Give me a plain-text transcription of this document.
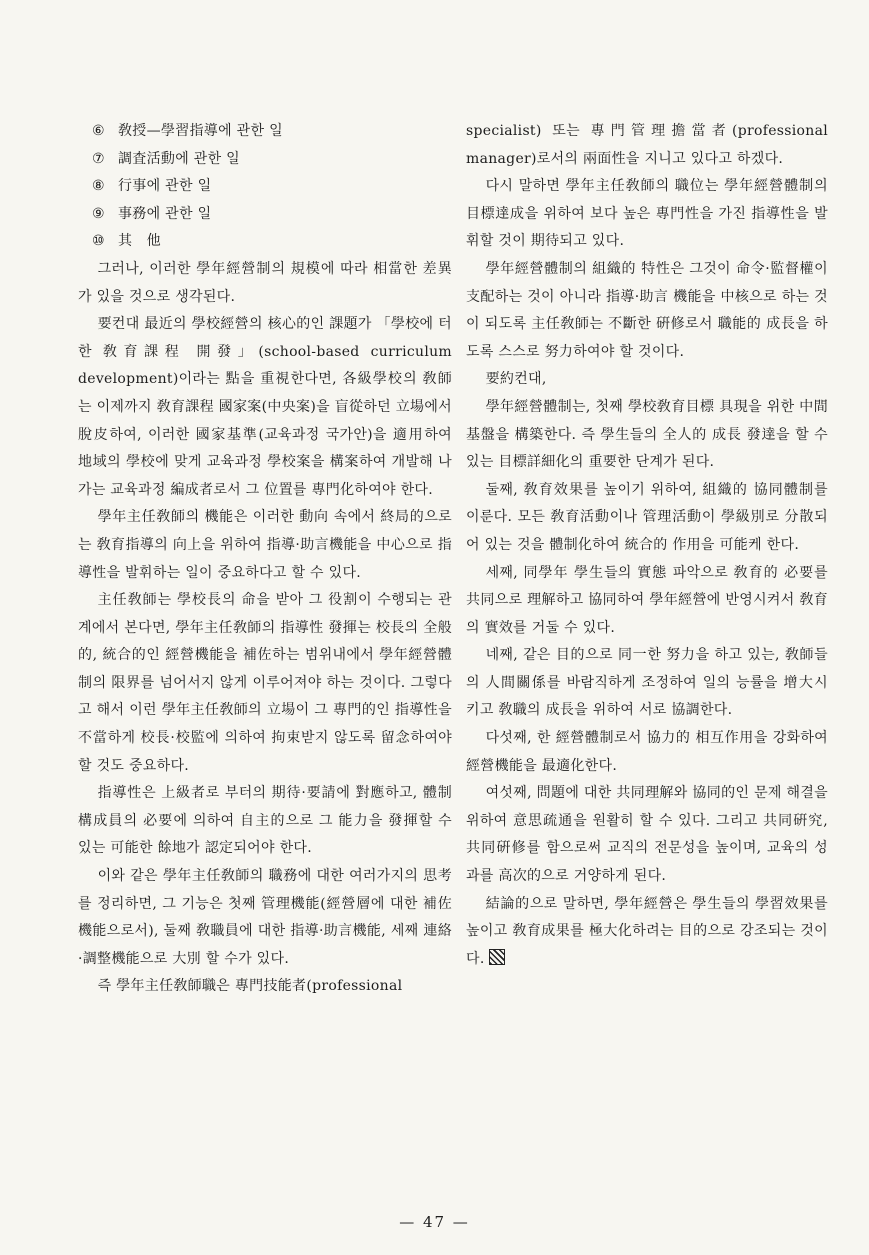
⑥ 敎授—學習指導에 관한 일

⑦ 調査活動에 관한 일

⑧ 行事에 관한 일

⑨ 事務에 관한 일

⑩ 其　他

그러나, 이러한 學年經營制의 規模에 따라 相當한 差異가 있을 것으로 생각된다.

要컨대 最近의 學校經營의 核心的인 課題가 「學校에 터한 敎育課程 開發」(school-based curriculum development)이라는 點을 重視한다면, 各級學校의 敎師는 이제까지 敎育課程 國家案(中央案)을 盲從하던 立場에서 脫皮하여, 이러한 國家基準(교육과정 국가안)을 適用하여 地域의 學校에 맞게 교육과정 學校案을 構案하여 개발해 나가는 교육과정 編成者로서 그 位置를 專門化하여야 한다.

學年主任敎師의 機能은 이러한 動向 속에서 終局的으로는 敎育指導의 向上을 위하여 指導·助言機能을 中心으로 指導性을 발휘하는 일이 중요하다고 할 수 있다.

主任敎師는 學校長의 命을 받아 그 役割이 수행되는 관계에서 본다면, 學年主任敎師의 指導性 發揮는 校長의 全般的, 統合的인 經營機能을 補佐하는 범위내에서 學年經營體制의 限界를 넘어서지 않게 이루어져야 하는 것이다. 그렇다고 해서 이런 學年主任敎師의 立場이 그 專門的인 指導性을 不當하게 校長·校監에 의하여 拘束받지 않도록 留念하여야 할 것도 중요하다.

指導性은 上級者로 부터의 期待·要請에 對應하고, 體制 構成員의 必要에 의하여 自主的으로 그 能力을 發揮할 수 있는 可能한 餘地가 認定되어야 한다.

이와 같은 學年主任敎師의 職務에 대한 여러가지의 思考를 정리하면, 그 기능은 첫째 管理機能(經營層에 대한 補佐機能으로서), 둘째 敎職員에 대한 指導·助言機能, 세째 連絡·調整機能으로 大別 할 수가 있다.

즉 學年主任敎師職은 專門技能者(professional

specialist) 또는 專門管理擔當者(professional manager)로서의 兩面性을 지니고 있다고 하겠다.

다시 말하면 學年主任敎師의 職位는 學年經營體制의 目標達成을 위하여 보다 높은 專門性을 가진 指導性을 발휘할 것이 期待되고 있다.

學年經營體制의 組織的 特性은 그것이 命令·監督權이 支配하는 것이 아니라 指導·助言 機能을 中核으로 하는 것이 되도록 主任敎師는 不斷한 硏修로서 職能的 成長을 하도록 스스로 努力하여야 할 것이다.

要約컨대,

學年經營體制는, 첫째 學校敎育目標 具現을 위한 中間基盤을 構築한다. 즉 學生들의 全人的 成長 發達을 할 수 있는 目標詳細化의 重要한 단계가 된다.

둘째, 敎育效果를 높이기 위하여, 組織的 協同體制를 이룬다. 모든 敎育活動이나 管理活動이 學級別로 分散되어 있는 것을 體制化하여 統合的 作用을 可能케 한다.

세째, 同學年 學生들의 實態 파악으로 敎育的 必要를 共同으로 理解하고 協同하여 學年經營에 반영시켜서 敎育의 實效를 거둘 수 있다.

네째, 같은 目的으로 同一한 努力을 하고 있는, 敎師들의 人間關係를 바람직하게 조정하여 일의 능률을 增大시키고 敎職의 成長을 위하여 서로 協調한다.

다섯째, 한 經營體制로서 協力的 相互作用을 강화하여 經營機能을 最適化한다.

여섯째, 問題에 대한 共同理解와 協同的인 문제 해결을 위하여 意思疏通을 원활히 할 수 있다. 그리고 共同硏究, 共同硏修를 함으로써 교직의 전문성을 높이며, 교육의 성과를 高次的으로 거양하게 된다.

結論的으로 말하면, 學年經營은 學生들의 學習效果를 높이고 敎育成果를 極大化하려는 目的으로 강조되는 것이다.

— 47 —
